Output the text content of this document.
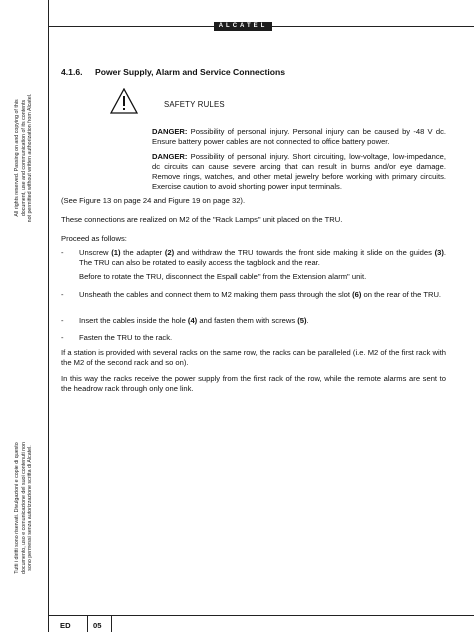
ALCATEL
All rights reserved. Passing on and copying of this document, use and communication of its contents not permitted without written authorization from Alcatel.
Tutti i diritti sono riservati. Divulgazioni e copie di questo documento, uso e comunicazione del suoi contenuti non sono permessi senza autorizzazione scritta di Alcatel.
4.1.6. Power Supply, Alarm and Service Connections
SAFETY RULES

DANGER: Possibility of personal injury. Personal injury can be caused by -48 V dc. Ensure battery power cables are not connected to office battery power.

DANGER: Possibility of personal injury. Short circuiting, low-voltage, low-impedance, dc circuits can cause severe arcing that can result in burns and/or eye damage. Remove rings, watches, and other metal jewelry before working with primary circuits. Exercise caution to avoid shorting power input terminals.

(See Figure 13 on page 24 and Figure 19 on page 32).

These connections are realized on M2 of the "Rack Lamps" unit placed on the TRU.

Proceed as follows:

- Unscrew (1) the adapter (2) and withdraw the TRU towards the front side making it slide on the guides (3). The TRU can also be rotated to easily access the tagblock and the rear.
Before to rotate the TRU, disconnect the Espall cable" from the Extension alarm" unit.
- Unsheath the cables and connect them to M2 making them pass through the slot (6) on the rear of the TRU.
- Insert the cables inside the hole (4) and fasten them with screws (5).
- Fasten the TRU to the rack.

If a station is provided with several racks on the same row, the racks can be paralleled (i.e. M2 of the first rack with the M2 of the second rack and so on).

In this way the racks receive the power supply from the first rack of the row, while the remote alarms are sent to the headrow rack through only one link.

ED	05
